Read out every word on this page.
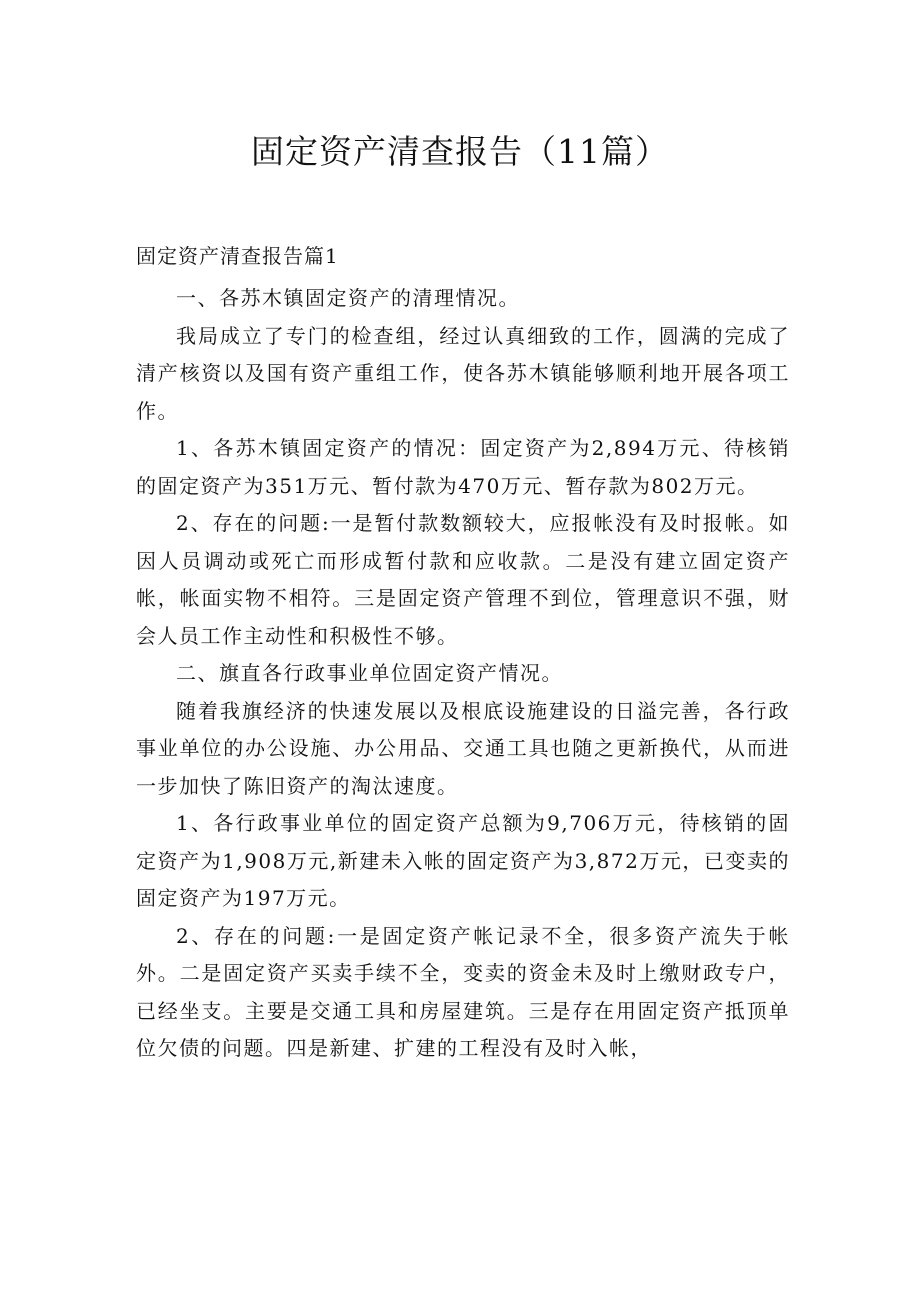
固定资产清查报告（11篇）
固定资产清查报告篇1

一、各苏木镇固定资产的清理情况。

我局成立了专门的检查组，经过认真细致的工作，圆满的完成了清产核资以及国有资产重组工作，使各苏木镇能够顺利地开展各项工作。

1、各苏木镇固定资产的情况：固定资产为2,894万元、待核销的固定资产为351万元、暂付款为470万元、暂存款为802万元。

2、存在的问题:一是暂付款数额较大，应报帐没有及时报帐。如因人员调动或死亡而形成暂付款和应收款。二是没有建立固定资产帐，帐面实物不相符。三是固定资产管理不到位，管理意识不强，财会人员工作主动性和积极性不够。

二、旗直各行政事业单位固定资产情况。

随着我旗经济的快速发展以及根底设施建设的日溢完善，各行政事业单位的办公设施、办公用品、交通工具也随之更新换代，从而进一步加快了陈旧资产的淘汰速度。

1、各行政事业单位的固定资产总额为9,706万元，待核销的固定资产为1,908万元,新建未入帐的固定资产为3,872万元，已变卖的固定资产为197万元。

2、存在的问题:一是固定资产帐记录不全，很多资产流失于帐外。二是固定资产买卖手续不全，变卖的资金未及时上缴财政专户，已经坐支。主要是交通工具和房屋建筑。三是存在用固定资产抵顶单位欠债的问题。四是新建、扩建的工程没有及时入帐，
